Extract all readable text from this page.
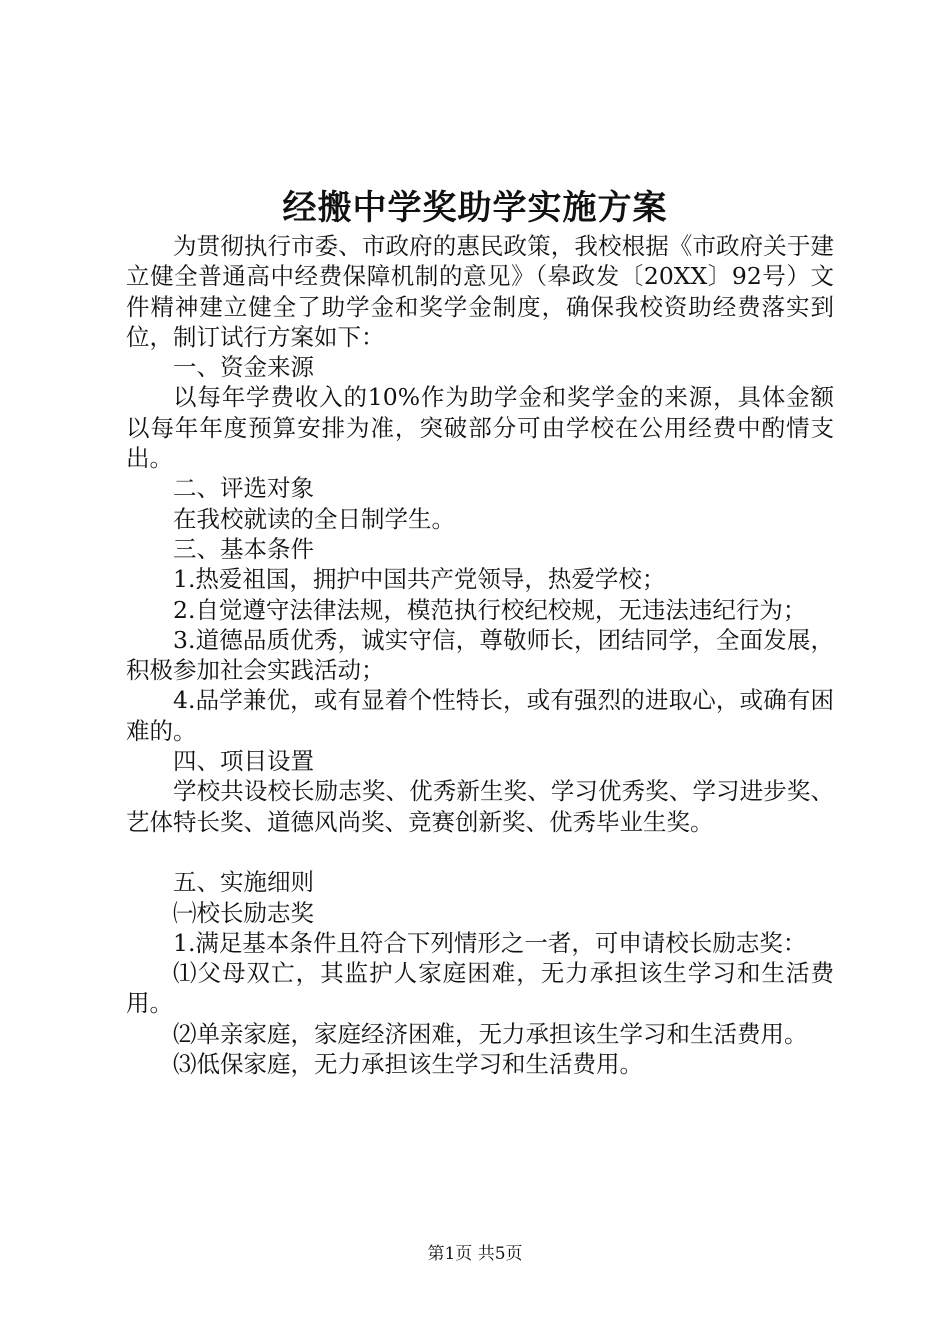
经搬中学奖助学实施方案

为贯彻执行市委、市政府的惠民政策，我校根据《市政府关于建立健全普通高中经费保障机制的意见》（皋政发〔20XX〕92号）文件精神建立健全了助学金和奖学金制度，确保我校资助经费落实到位，制订试行方案如下：

一、资金来源

以每年学费收入的10%作为助学金和奖学金的来源，具体金额以每年年度预算安排为准，突破部分可由学校在公用经费中酌情支出。

二、评选对象

在我校就读的全日制学生。

三、基本条件

1.热爱祖国，拥护中国共产党领导，热爱学校；

2.自觉遵守法律法规，模范执行校纪校规，无违法违纪行为；

3.道德品质优秀，诚实守信，尊敬师长，团结同学，全面发展，积极参加社会实践活动；

4.品学兼优，或有显着个性特长，或有强烈的进取心，或确有困难的。

四、项目设置

学校共设校长励志奖、优秀新生奖、学习优秀奖、学习进步奖、艺体特长奖、道德风尚奖、竞赛创新奖、优秀毕业生奖。

五、实施细则

㈠校长励志奖

1.满足基本条件且符合下列情形之一者，可申请校长励志奖：

⑴父母双亡，其监护人家庭困难，无力承担该生学习和生活费用。

⑵单亲家庭，家庭经济困难，无力承担该生学习和生活费用。

⑶低保家庭，无力承担该生学习和生活费用。

第1页 共5页
